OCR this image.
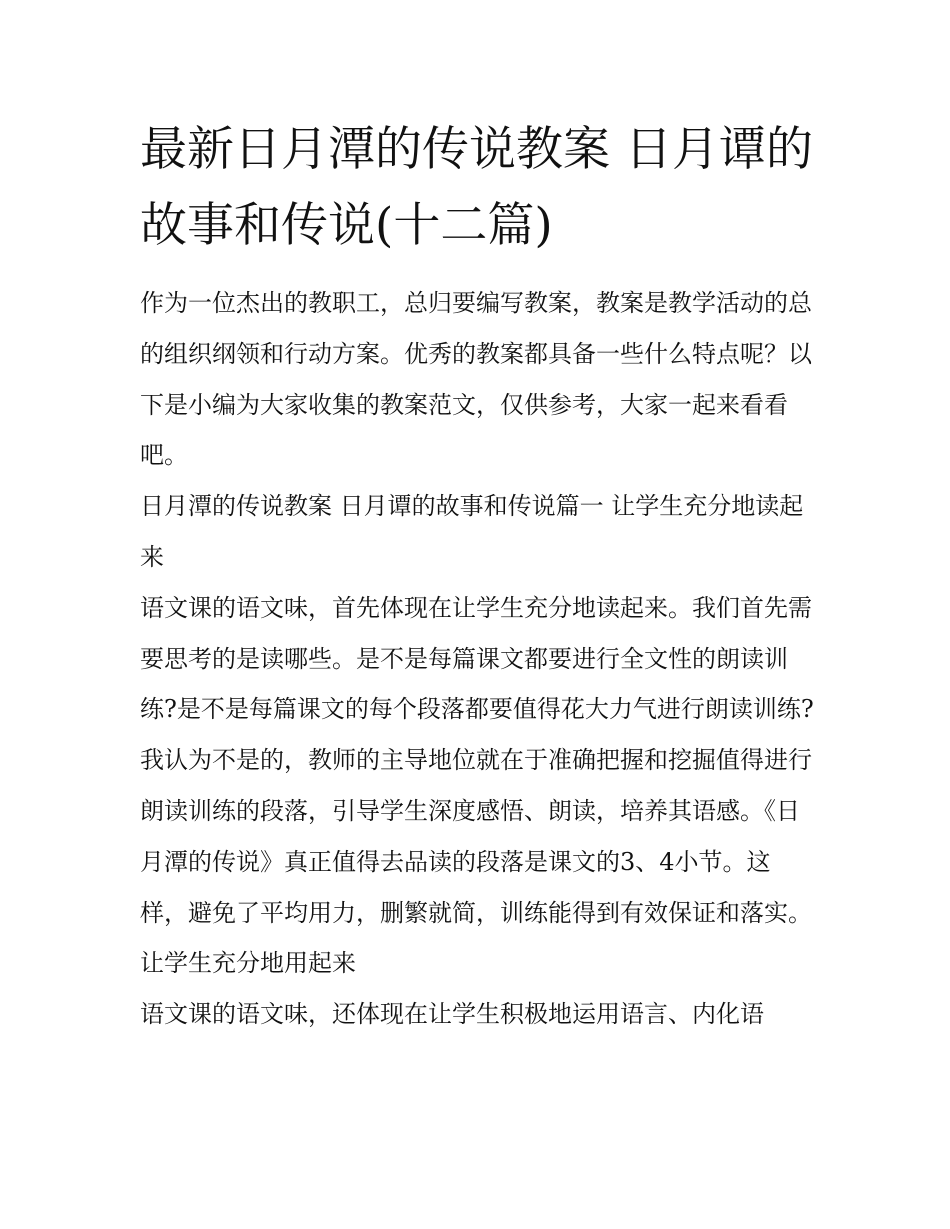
最新日月潭的传说教案 日月谭的故事和传说(十二篇)

作为一位杰出的教职工，总归要编写教案，教案是教学活动的总的组织纲领和行动方案。优秀的教案都具备一些什么特点呢？以下是小编为大家收集的教案范文，仅供参考，大家一起来看看吧。

日月潭的传说教案 日月谭的故事和传说篇一 让学生充分地读起来

语文课的语文味，首先体现在让学生充分地读起来。我们首先需要思考的是读哪些。是不是每篇课文都要进行全文性的朗读训练?是不是每篇课文的每个段落都要值得花大力气进行朗读训练?我认为不是的，教师的主导地位就在于准确把握和挖掘值得进行朗读训练的段落，引导学生深度感悟、朗读，培养其语感。《日月潭的传说》真正值得去品读的段落是课文的3、4小节。这样，避免了平均用力，删繁就简，训练能得到有效保证和落实。

让学生充分地用起来

语文课的语文味，还体现在让学生积极地运用语言、内化语
